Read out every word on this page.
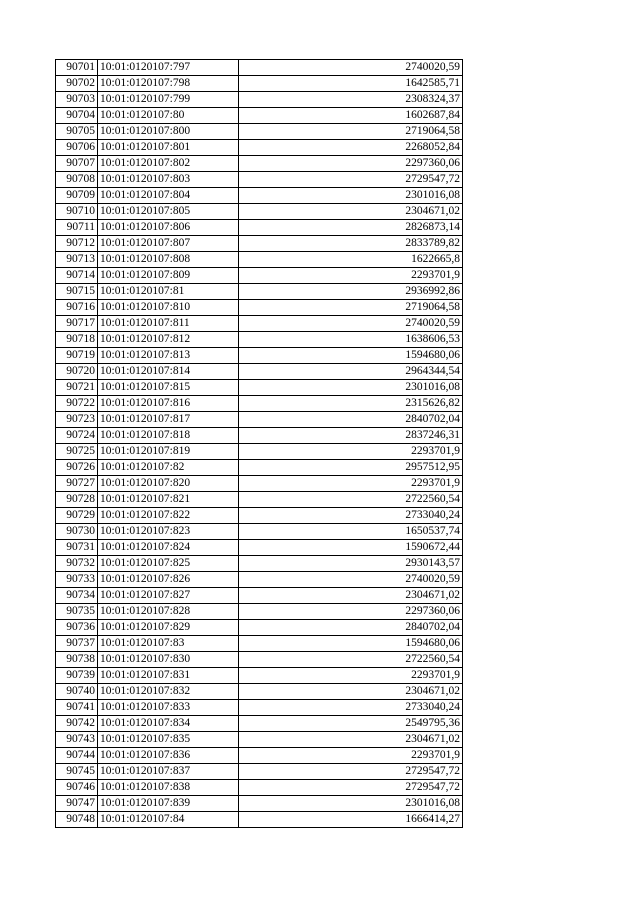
90701	10:01:0120107:797	2740020,59
90702	10:01:0120107:798	1642585,71
90703	10:01:0120107:799	2308324,37
90704	10:01:0120107:80	1602687,84
90705	10:01:0120107:800	2719064,58
90706	10:01:0120107:801	2268052,84
90707	10:01:0120107:802	2297360,06
90708	10:01:0120107:803	2729547,72
90709	10:01:0120107:804	2301016,08
90710	10:01:0120107:805	2304671,02
90711	10:01:0120107:806	2826873,14
90712	10:01:0120107:807	2833789,82
90713	10:01:0120107:808	1622665,8
90714	10:01:0120107:809	2293701,9
90715	10:01:0120107:81	2936992,86
90716	10:01:0120107:810	2719064,58
90717	10:01:0120107:811	2740020,59
90718	10:01:0120107:812	1638606,53
90719	10:01:0120107:813	1594680,06
90720	10:01:0120107:814	2964344,54
90721	10:01:0120107:815	2301016,08
90722	10:01:0120107:816	2315626,82
90723	10:01:0120107:817	2840702,04
90724	10:01:0120107:818	2837246,31
90725	10:01:0120107:819	2293701,9
90726	10:01:0120107:82	2957512,95
90727	10:01:0120107:820	2293701,9
90728	10:01:0120107:821	2722560,54
90729	10:01:0120107:822	2733040,24
90730	10:01:0120107:823	1650537,74
90731	10:01:0120107:824	1590672,44
90732	10:01:0120107:825	2930143,57
90733	10:01:0120107:826	2740020,59
90734	10:01:0120107:827	2304671,02
90735	10:01:0120107:828	2297360,06
90736	10:01:0120107:829	2840702,04
90737	10:01:0120107:83	1594680,06
90738	10:01:0120107:830	2722560,54
90739	10:01:0120107:831	2293701,9
90740	10:01:0120107:832	2304671,02
90741	10:01:0120107:833	2733040,24
90742	10:01:0120107:834	2549795,36
90743	10:01:0120107:835	2304671,02
90744	10:01:0120107:836	2293701,9
90745	10:01:0120107:837	2729547,72
90746	10:01:0120107:838	2729547,72
90747	10:01:0120107:839	2301016,08
90748	10:01:0120107:84	1666414,27
